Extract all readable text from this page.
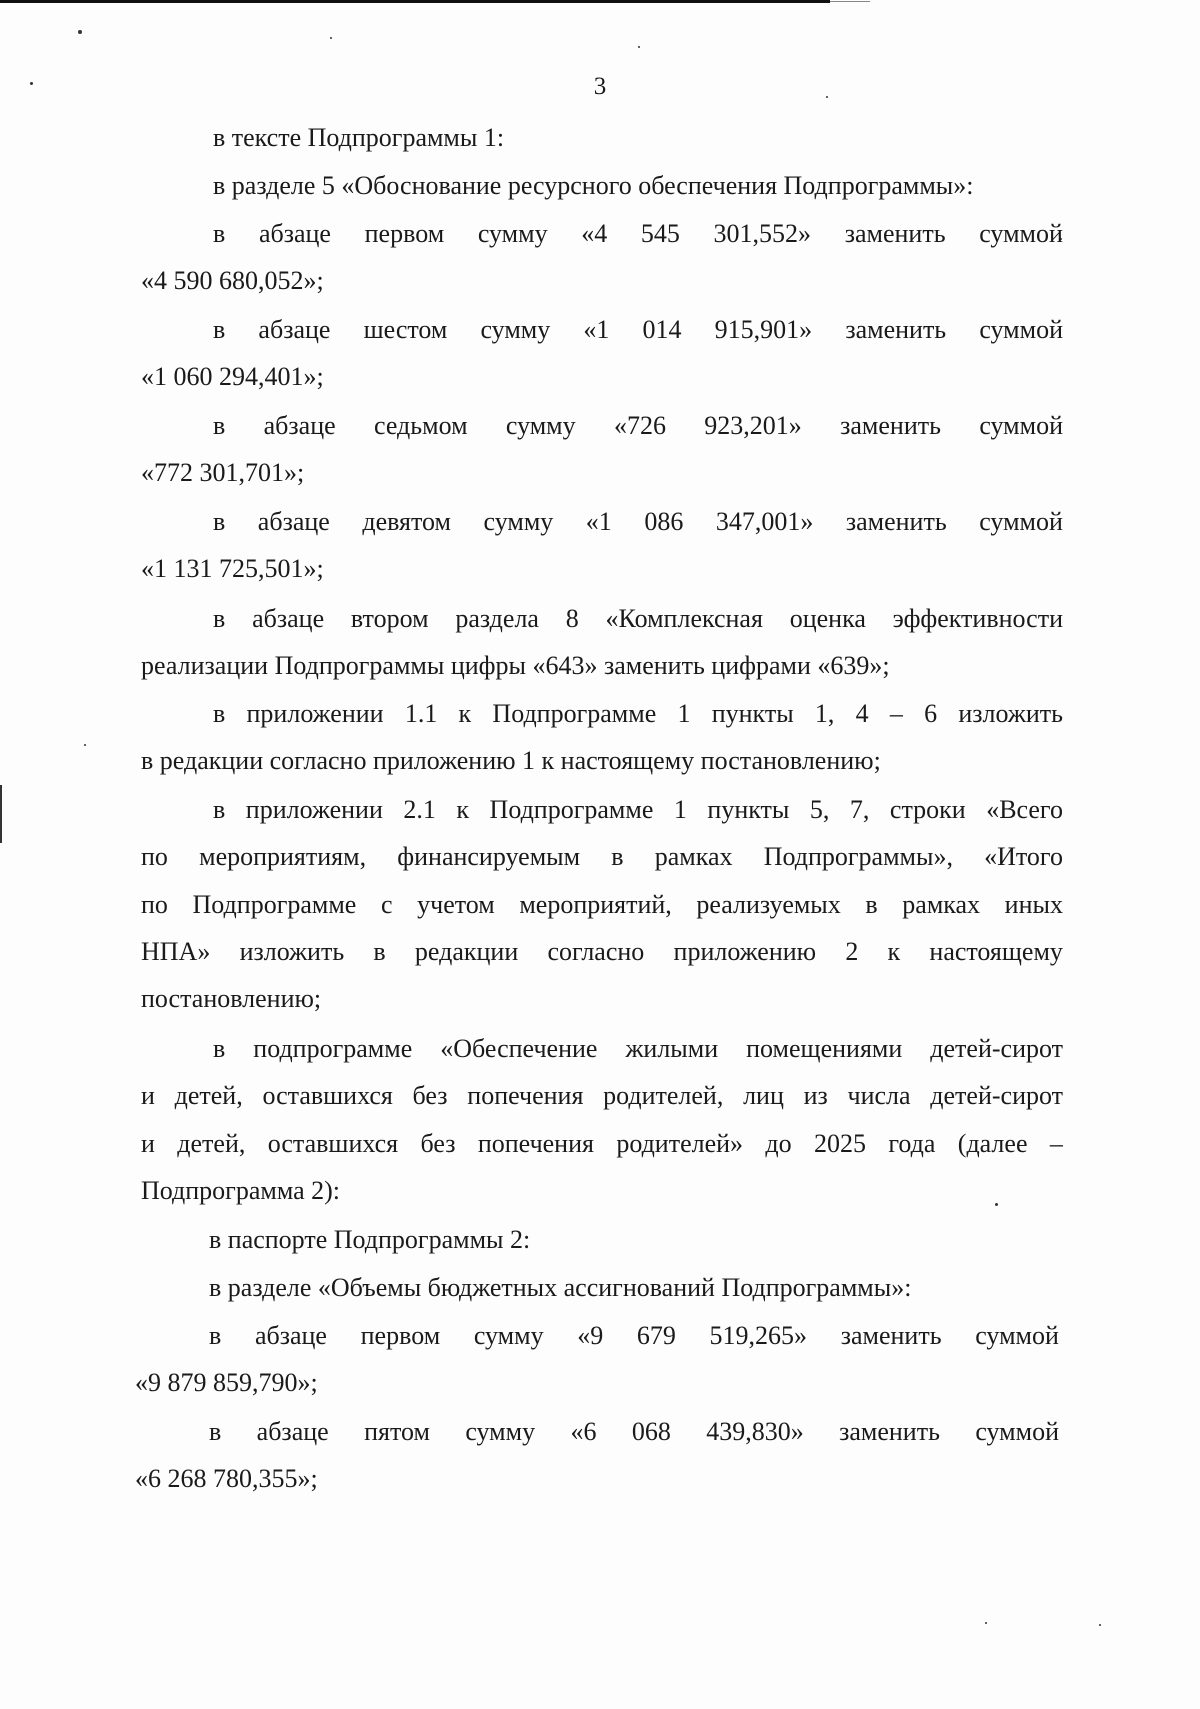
3
в тексте Подпрограммы 1:
в разделе 5 «Обоснование ресурсного обеспечения Подпрограммы»:
в абзаце первом сумму «4 545 301,552» заменить суммой
«4 590 680,052»;
в абзаце шестом сумму «1 014 915,901» заменить суммой
«1 060 294,401»;
в абзаце седьмом сумму «726 923,201» заменить суммой
«772 301,701»;
в абзаце девятом сумму «1 086 347,001» заменить суммой
«1 131 725,501»;
в абзаце втором раздела 8 «Комплексная оценка эффективности
реализации Подпрограммы цифры «643» заменить цифрами «639»;
в приложении 1.1 к Подпрограмме 1 пункты 1, 4 – 6 изложить
в редакции согласно приложению 1 к настоящему постановлению;
в приложении 2.1 к Подпрограмме 1 пункты 5, 7, строки «Всего
по мероприятиям, финансируемым в рамках Подпрограммы», «Итого
по Подпрограмме с учетом мероприятий, реализуемых в рамках иных
НПА» изложить в редакции согласно приложению 2 к настоящему
постановлению;
в подпрограмме «Обеспечение жилыми помещениями детей-сирот
и детей, оставшихся без попечения родителей, лиц из числа детей-сирот
и детей, оставшихся без попечения родителей» до 2025 года (далее –
Подпрограмма 2):
в паспорте Подпрограммы 2:
в разделе «Объемы бюджетных ассигнований Подпрограммы»:
в абзаце первом сумму «9 679 519,265» заменить суммой
«9 879 859,790»;
в абзаце пятом сумму «6 068 439,830» заменить суммой
«6 268 780,355»;
